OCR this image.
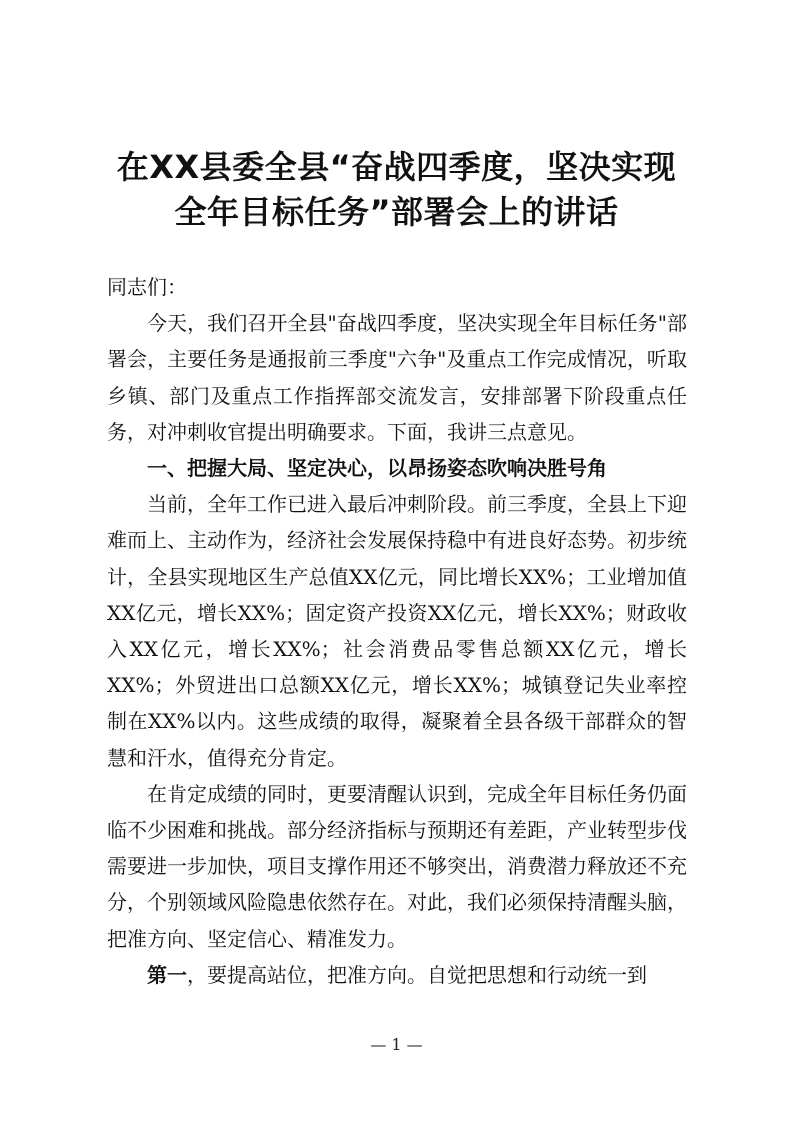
在XX县委全县“奋战四季度，坚决实现
全年目标任务”部署会上的讲话

同志们：

今天，我们召开全县"奋战四季度，坚决实现全年目标任务"部署会，主要任务是通报前三季度"六争"及重点工作完成情况，听取乡镇、部门及重点工作指挥部交流发言，安排部署下阶段重点任务，对冲刺收官提出明确要求。下面，我讲三点意见。

一、把握大局、坚定决心，以昂扬姿态吹响决胜号角

当前，全年工作已进入最后冲刺阶段。前三季度，全县上下迎难而上、主动作为，经济社会发展保持稳中有进良好态势。初步统计，全县实现地区生产总值XX亿元，同比增长XX%；工业增加值XX亿元，增长XX%；固定资产投资XX亿元，增长XX%；财政收入XX亿元，增长XX%；社会消费品零售总额XX亿元，增长XX%；外贸进出口总额XX亿元，增长XX%；城镇登记失业率控制在XX%以内。这些成绩的取得，凝聚着全县各级干部群众的智慧和汗水，值得充分肯定。

在肯定成绩的同时，更要清醒认识到，完成全年目标任务仍面临不少困难和挑战。部分经济指标与预期还有差距，产业转型步伐需要进一步加快，项目支撑作用还不够突出，消费潜力释放还不充分，个别领域风险隐患依然存在。对此，我们必须保持清醒头脑，把准方向、坚定信心、精准发力。

第一，要提高站位，把准方向。自觉把思想和行动统一到

— 1 —
